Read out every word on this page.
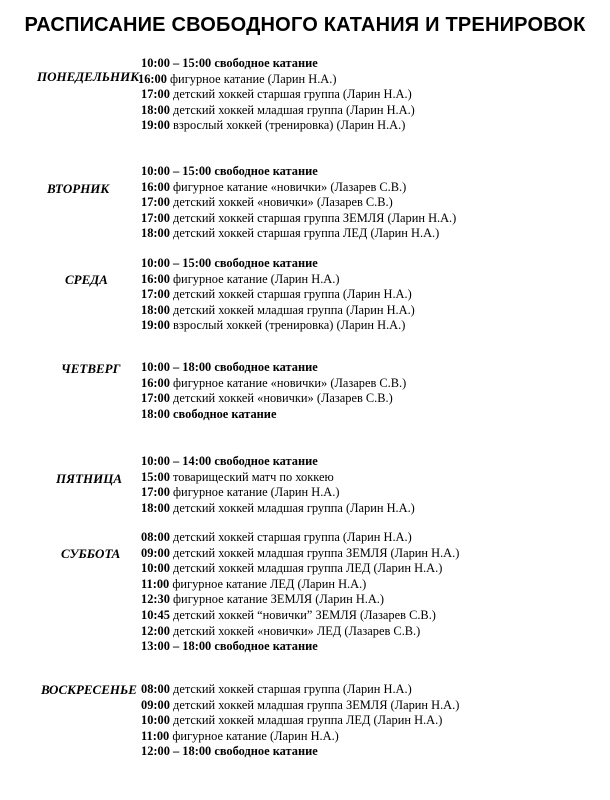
РАСПИСАНИЕ СВОБОДНОГО КАТАНИЯ И ТРЕНИРОВОК
ПОНЕДЕЛЬНИК
10:00 – 15:00 свободное катание
16:00 фигурное катание (Ларин Н.А.)
17:00 детский хоккей старшая группа (Ларин Н.А.)
18:00 детский хоккей младшая группа (Ларин Н.А.)
19:00 взрослый хоккей (тренировка) (Ларин Н.А.)
ВТОРНИК
10:00 – 15:00 свободное катание
16:00 фигурное катание «новички» (Лазарев С.В.)
17:00 детский хоккей «новички» (Лазарев С.В.)
17:00 детский хоккей старшая группа ЗЕМЛЯ (Ларин Н.А.)
18:00 детский хоккей старшая группа ЛЕД (Ларин Н.А.)
СРЕДА
10:00 – 15:00 свободное катание
16:00 фигурное катание (Ларин Н.А.)
17:00 детский хоккей старшая группа (Ларин Н.А.)
18:00 детский хоккей младшая группа (Ларин Н.А.)
19:00 взрослый хоккей (тренировка) (Ларин Н.А.)
ЧЕТВЕРГ 10:00 – 18:00 свободное катание
16:00 фигурное катание «новички» (Лазарев С.В.)
17:00 детский хоккей «новички» (Лазарев С.В.)
18:00 свободное катание
ПЯТНИЦА
10:00 – 14:00 свободное катание
15:00 товарищеский матч по хоккею
17:00 фигурное катание (Ларин Н.А.)
18:00 детский хоккей младшая группа (Ларин Н.А.)
СУББОТА
08:00 детский хоккей старшая группа (Ларин Н.А.)
09:00 детский хоккей младшая группа ЗЕМЛЯ (Ларин Н.А.)
10:00 детский хоккей младшая группа ЛЕД (Ларин Н.А.)
11:00 фигурное катание ЛЕД (Ларин Н.А.)
12:30 фигурное катание ЗЕМЛЯ (Ларин Н.А.)
10:45 детский хоккей “новички” ЗЕМЛЯ (Лазарев С.В.)
12:00 детский хоккей «новички» ЛЕД (Лазарев С.В.)
13:00 – 18:00 свободное катание
ВОСКРЕСЕНЬЕ 08:00 детский хоккей старшая группа (Ларин Н.А.)
09:00 детский хоккей младшая группа ЗЕМЛЯ (Ларин Н.А.)
10:00 детский хоккей младшая группа ЛЕД (Ларин Н.А.)
11:00 фигурное катание (Ларин Н.А.)
12:00 – 18:00 свободное катание
